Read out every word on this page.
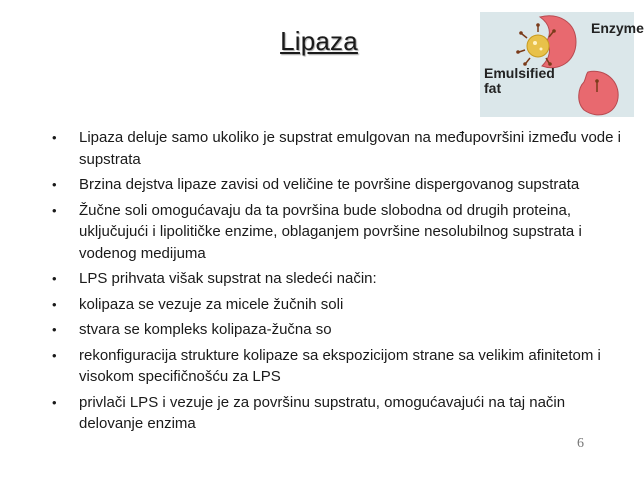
Lipaza	Enzyme
Emulsified
fat
• Lipaza deluje samo ukoliko je supstrat emulgovan na međupovršini između vode i supstrata
• Brzina dejstva lipaze zavisi od veličine te površine dispergovanog supstrata
• Žučne soli omogućavaju da ta površina bude slobodna od drugih proteina, uključujući i lipolitičke enzime, oblaganjem površine nesolubilnog supstrata i vodenog medijuma
• LPS prihvata višak supstrat na sledeći način:
• kolipaza se vezuje za micele žučnih soli
• stvara se kompleks kolipaza-žučna so
• rekonfiguracija strukture kolipaze sa ekspozicijom strane sa velikim afinitetom i visokom specifičnošću za LPS
• privlači LPS i vezuje je za površinu supstratu, omogućavajući na taj način delovanje enzima
6
